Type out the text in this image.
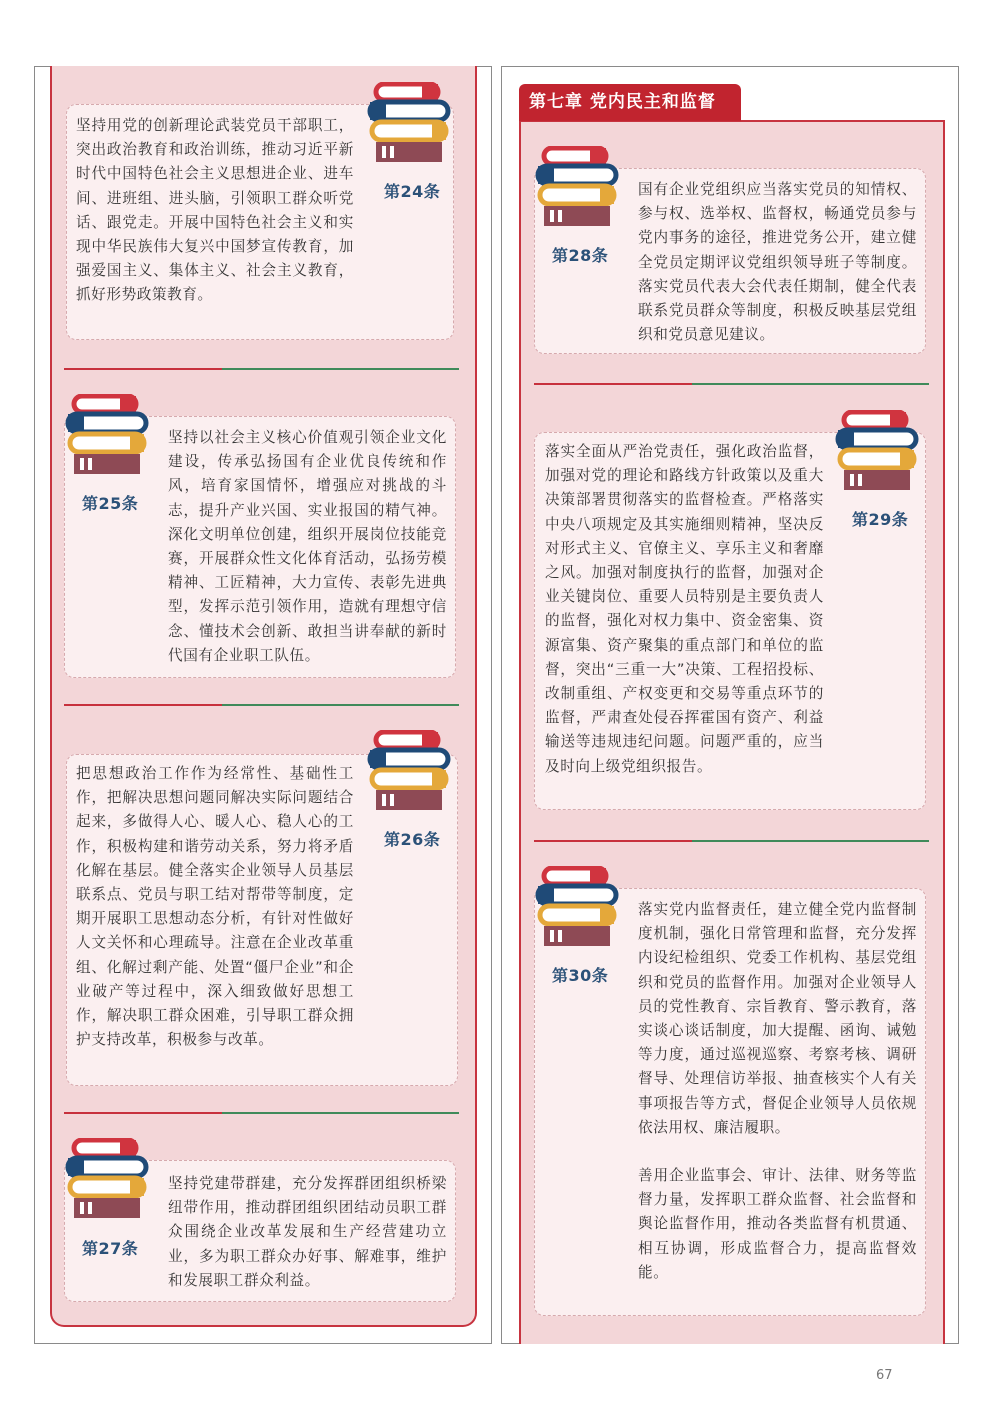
第七章 党内民主和监督
坚持用党的创新理论武装党员干部职工，突出政治教育和政治训练，推动习近平新时代中国特色社会主义思想进企业、进车间、进班组、进头脑，引领职工群众听党话、跟党走。开展中国特色社会主义和实现中华民族伟大复兴中国梦宣传教育，加强爱国主义、集体主义、社会主义教育，抓好形势政策教育。
第24条
第25条
坚持以社会主义核心价值观引领企业文化建设，传承弘扬国有企业优良传统和作风，培育家国情怀，增强应对挑战的斗志，提升产业兴国、实业报国的精气神。深化文明单位创建，组织开展岗位技能竞赛，开展群众性文化体育活动，弘扬劳模精神、工匠精神，大力宣传、表彰先进典型，发挥示范引领作用，造就有理想守信念、懂技术会创新、敢担当讲奉献的新时代国有企业职工队伍。
把思想政治工作作为经常性、基础性工作，把解决思想问题同解决实际问题结合起来，多做得人心、暖人心、稳人心的工作，积极构建和谐劳动关系，努力将矛盾化解在基层。健全落实企业领导人员基层联系点、党员与职工结对帮带等制度，定期开展职工思想动态分析，有针对性做好人文关怀和心理疏导。注意在企业改革重组、化解过剩产能、处置“僵尸企业”和企业破产等过程中，深入细致做好思想工作，解决职工群众困难，引导职工群众拥护支持改革，积极参与改革。
第26条
第27条
坚持党建带群建，充分发挥群团组织桥梁纽带作用，推动群团组织团结动员职工群众围绕企业改革发展和生产经营建功立业，多为职工群众办好事、解难事，维护和发展职工群众利益。
第28条
国有企业党组织应当落实党员的知情权、参与权、选举权、监督权，畅通党员参与党内事务的途径，推进党务公开，建立健全党员定期评议党组织领导班子等制度。落实党员代表大会代表任期制，健全代表联系党员群众等制度，积极反映基层党组织和党员意见建议。
落实全面从严治党责任，强化政治监督，加强对党的理论和路线方针政策以及重大决策部署贯彻落实的监督检查。严格落实中央八项规定及其实施细则精神，坚决反对形式主义、官僚主义、享乐主义和奢靡之风。加强对制度执行的监督，加强对企业关键岗位、重要人员特别是主要负责人的监督，强化对权力集中、资金密集、资源富集、资产聚集的重点部门和单位的监督，突出“三重一大”决策、工程招投标、改制重组、产权变更和交易等重点环节的监督，严肃查处侵吞挥霍国有资产、利益输送等违规违纪问题。问题严重的，应当及时向上级党组织报告。
第29条
第30条

落实党内监督责任，建立健全党内监督制度机制，强化日常管理和监督，充分发挥内设纪检组织、党委工作机构、基层党组织和党员的监督作用。加强对企业领导人员的党性教育、宗旨教育、警示教育，落实谈心谈话制度，加大提醒、函询、诫勉等力度，通过巡视巡察、考察考核、调研督导、处理信访举报、抽查核实个人有关事项报告等方式，督促企业领导人员依规依法用权、廉洁履职。

善用企业监事会、审计、法律、财务等监督力量，发挥职工群众监督、社会监督和舆论监督作用，推动各类监督有机贯通、相互协调，形成监督合力，提高监督效能。

67
